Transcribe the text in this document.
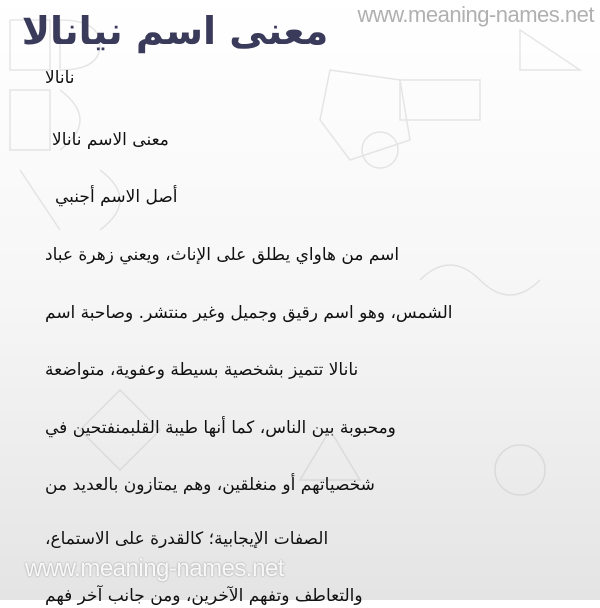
معنى اسم نيانالا	www.meaning-names.net
نانالا
معنى الاسم نانالا
أصل الاسم أجنبي
اسم من هاواي يطلق على الإناث، ويعني زهرة عباد
الشمس، وهو اسم رقيق وجميل وغير منتشر. وصاحبة اسم
نانالا تتميز بشخصية بسيطة وعفوية، متواضعة
ومحبوبة بين الناس، كما أنها طيبة القلبمنفتحين في
شخصياتهم أو منغلقين، وهم يمتازون بالعديد من
الصفات الإيجابية؛ كالقدرة على الاستماع،
والتعاطف وتفهم الآخرين، ومن جانب آخر فهم
www.meaning-names.net
